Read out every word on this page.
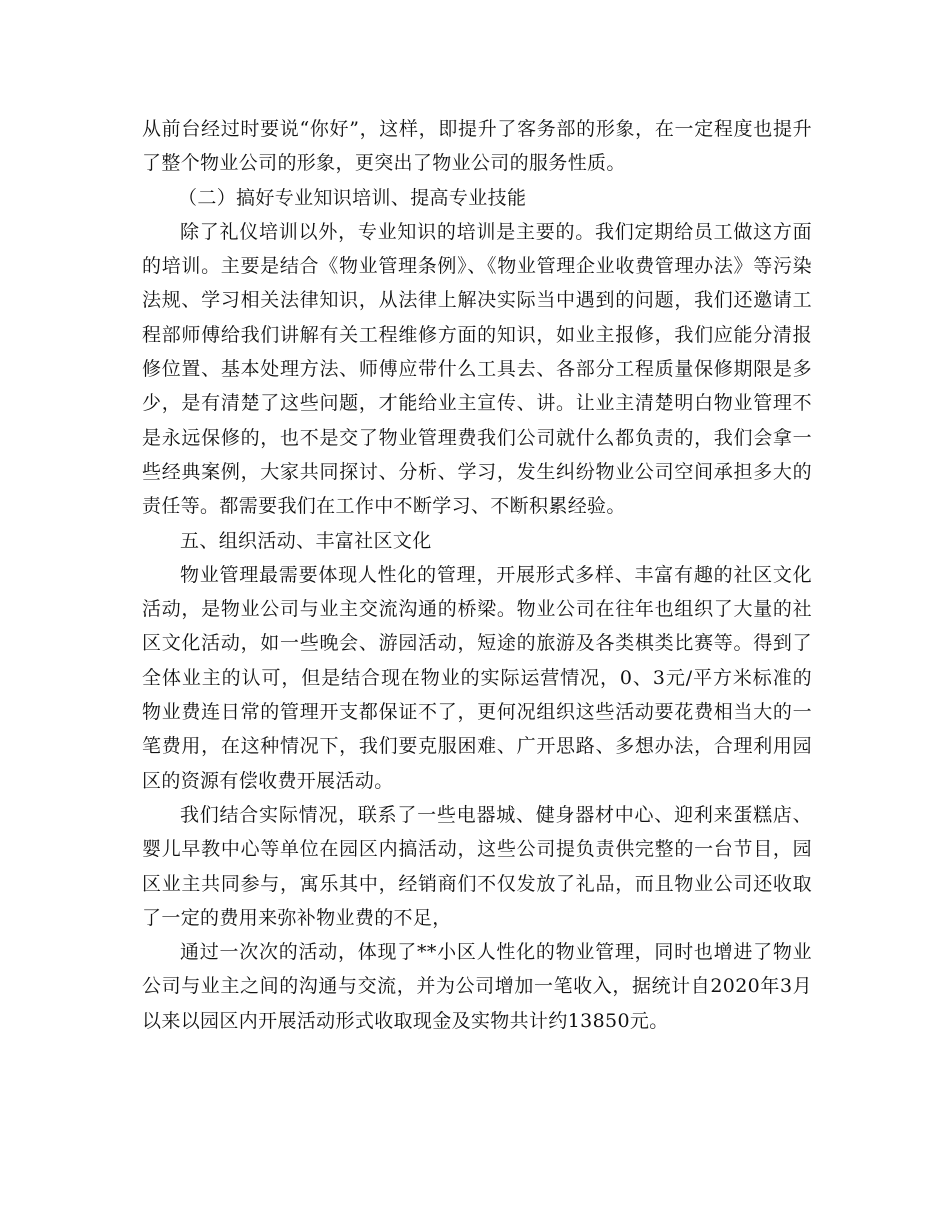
从前台经过时要说“你好”，这样，即提升了客务部的形象，在一定程度也提升了整个物业公司的形象，更突出了物业公司的服务性质。

（二）搞好专业知识培训、提高专业技能

除了礼仪培训以外，专业知识的培训是主要的。我们定期给员工做这方面的培训。主要是结合《物业管理条例》、《物业管理企业收费管理办法》等污染法规、学习相关法律知识，从法律上解决实际当中遇到的问题，我们还邀请工程部师傅给我们讲解有关工程维修方面的知识，如业主报修，我们应能分清报修位置、基本处理方法、师傅应带什么工具去、各部分工程质量保修期限是多少，是有清楚了这些问题，才能给业主宣传、讲。让业主清楚明白物业管理不是永远保修的，也不是交了物业管理费我们公司就什么都负责的，我们会拿一些经典案例，大家共同探讨、分析、学习，发生纠纷物业公司空间承担多大的责任等。都需要我们在工作中不断学习、不断积累经验。

五、组织活动、丰富社区文化

物业管理最需要体现人性化的管理，开展形式多样、丰富有趣的社区文化活动，是物业公司与业主交流沟通的桥梁。物业公司在往年也组织了大量的社区文化活动，如一些晚会、游园活动，短途的旅游及各类棋类比赛等。得到了全体业主的认可，但是结合现在物业的实际运营情况，0、3元/平方米标准的物业费连日常的管理开支都保证不了，更何况组织这些活动要花费相当大的一笔费用，在这种情况下，我们要克服困难、广开思路、多想办法，合理利用园区的资源有偿收费开展活动。

我们结合实际情况，联系了一些电器城、健身器材中心、迎利来蛋糕店、婴儿早教中心等单位在园区内搞活动，这些公司提负责供完整的一台节目，园区业主共同参与，寓乐其中，经销商们不仅发放了礼品，而且物业公司还收取了一定的费用来弥补物业费的不足，

通过一次次的活动，体现了**小区人性化的物业管理，同时也增进了物业公司与业主之间的沟通与交流，并为公司增加一笔收入，据统计自2020年3月以来以园区内开展活动形式收取现金及实物共计约13850元。
